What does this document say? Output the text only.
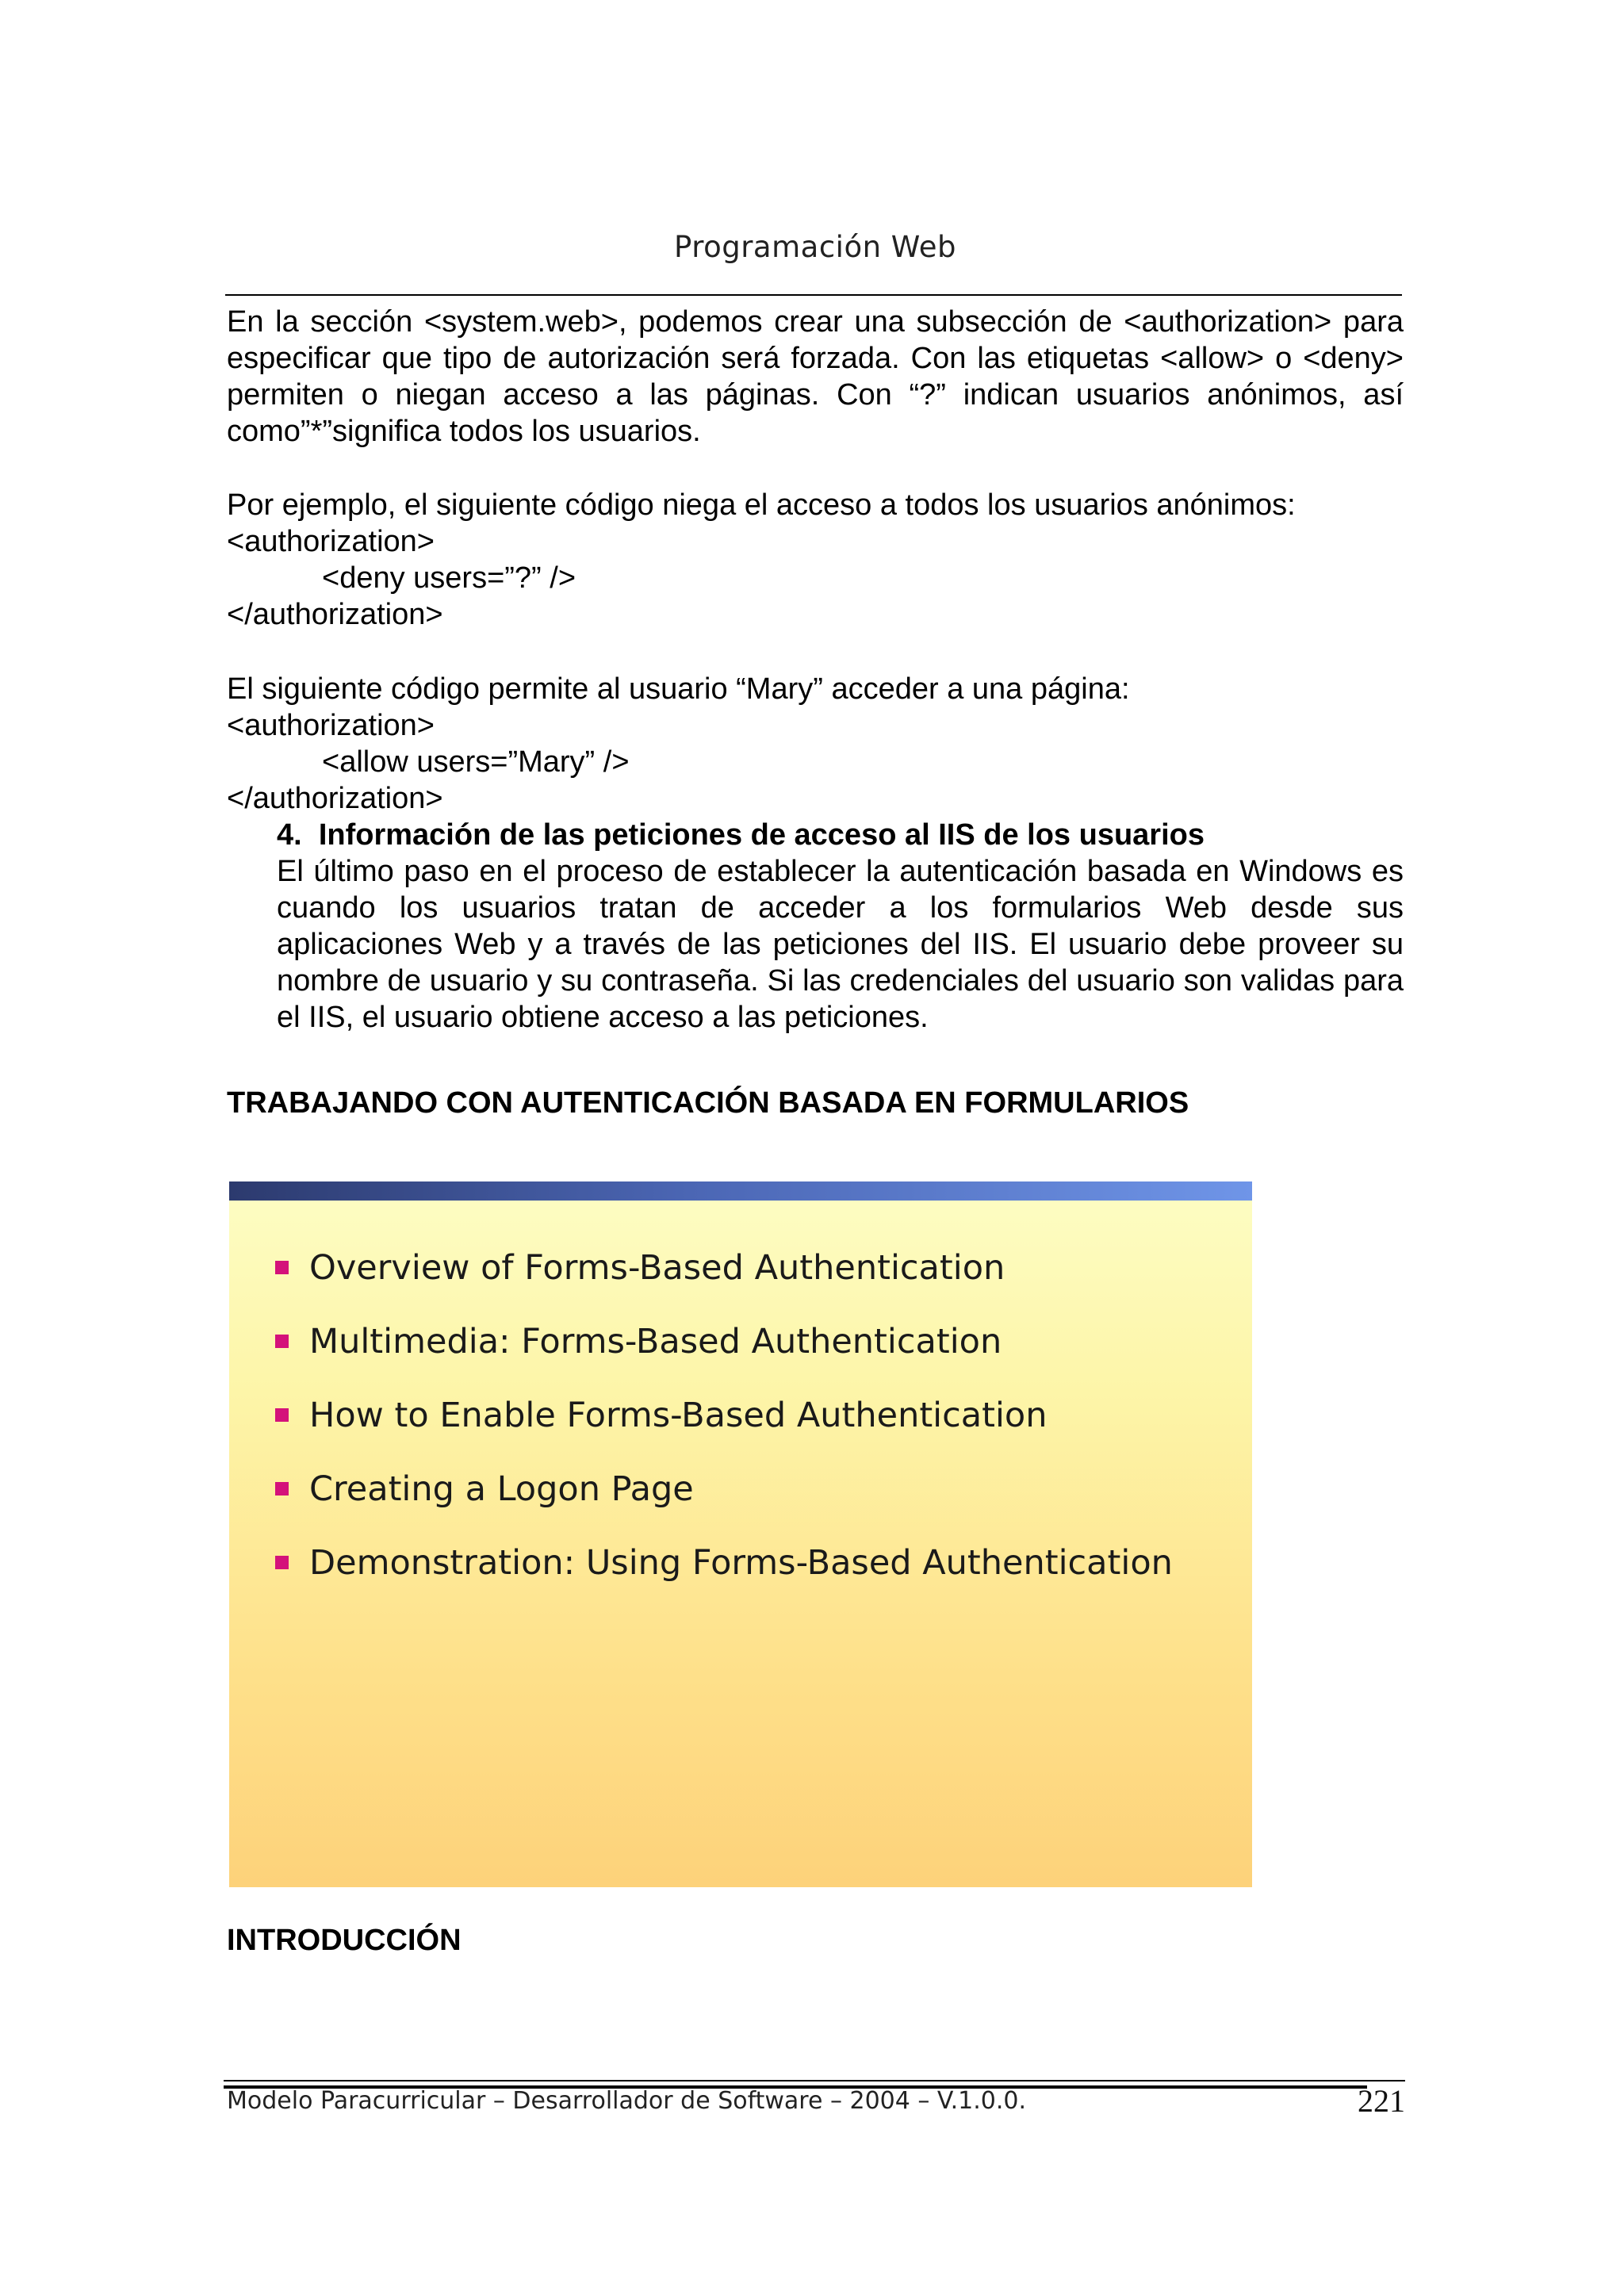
Programación Web

En la sección <system.web>, podemos crear una subsección de <authorization> para especificar que tipo de autorización será forzada. Con las etiquetas <allow> o <deny> permiten o niegan acceso a las páginas. Con “?” indican usuarios anónimos, así como”*”significa todos los usuarios.

Por ejemplo, el siguiente código niega el acceso a todos los usuarios anónimos:

<authorization>
<deny users=”?” />
</authorization>

El siguiente código permite al usuario “Mary” acceder a una página:

<authorization>
<allow users=”Mary” />
</authorization>
4. Información de las peticiones de acceso al IIS de los usuarios
El último paso en el proceso de establecer la autenticación basada en Windows es cuando los usuarios tratan de acceder a los formularios Web desde sus aplicaciones Web y a través de las peticiones del IIS. El usuario debe proveer su nombre de usuario y su contraseña. Si las credenciales del usuario son validas para el IIS, el usuario obtiene acceso a las peticiones.
TRABAJANDO CON AUTENTICACIÓN BASADA EN FORMULARIOS
Overview of Forms-Based Authentication
Multimedia: Forms-Based Authentication
How to Enable Forms-Based Authentication
Creating a Logon Page
Demonstration: Using Forms-Based Authentication
INTRODUCCIÓN
Modelo Paracurricular – Desarrollador de Software – 2004 – V.1.0.0.	221
